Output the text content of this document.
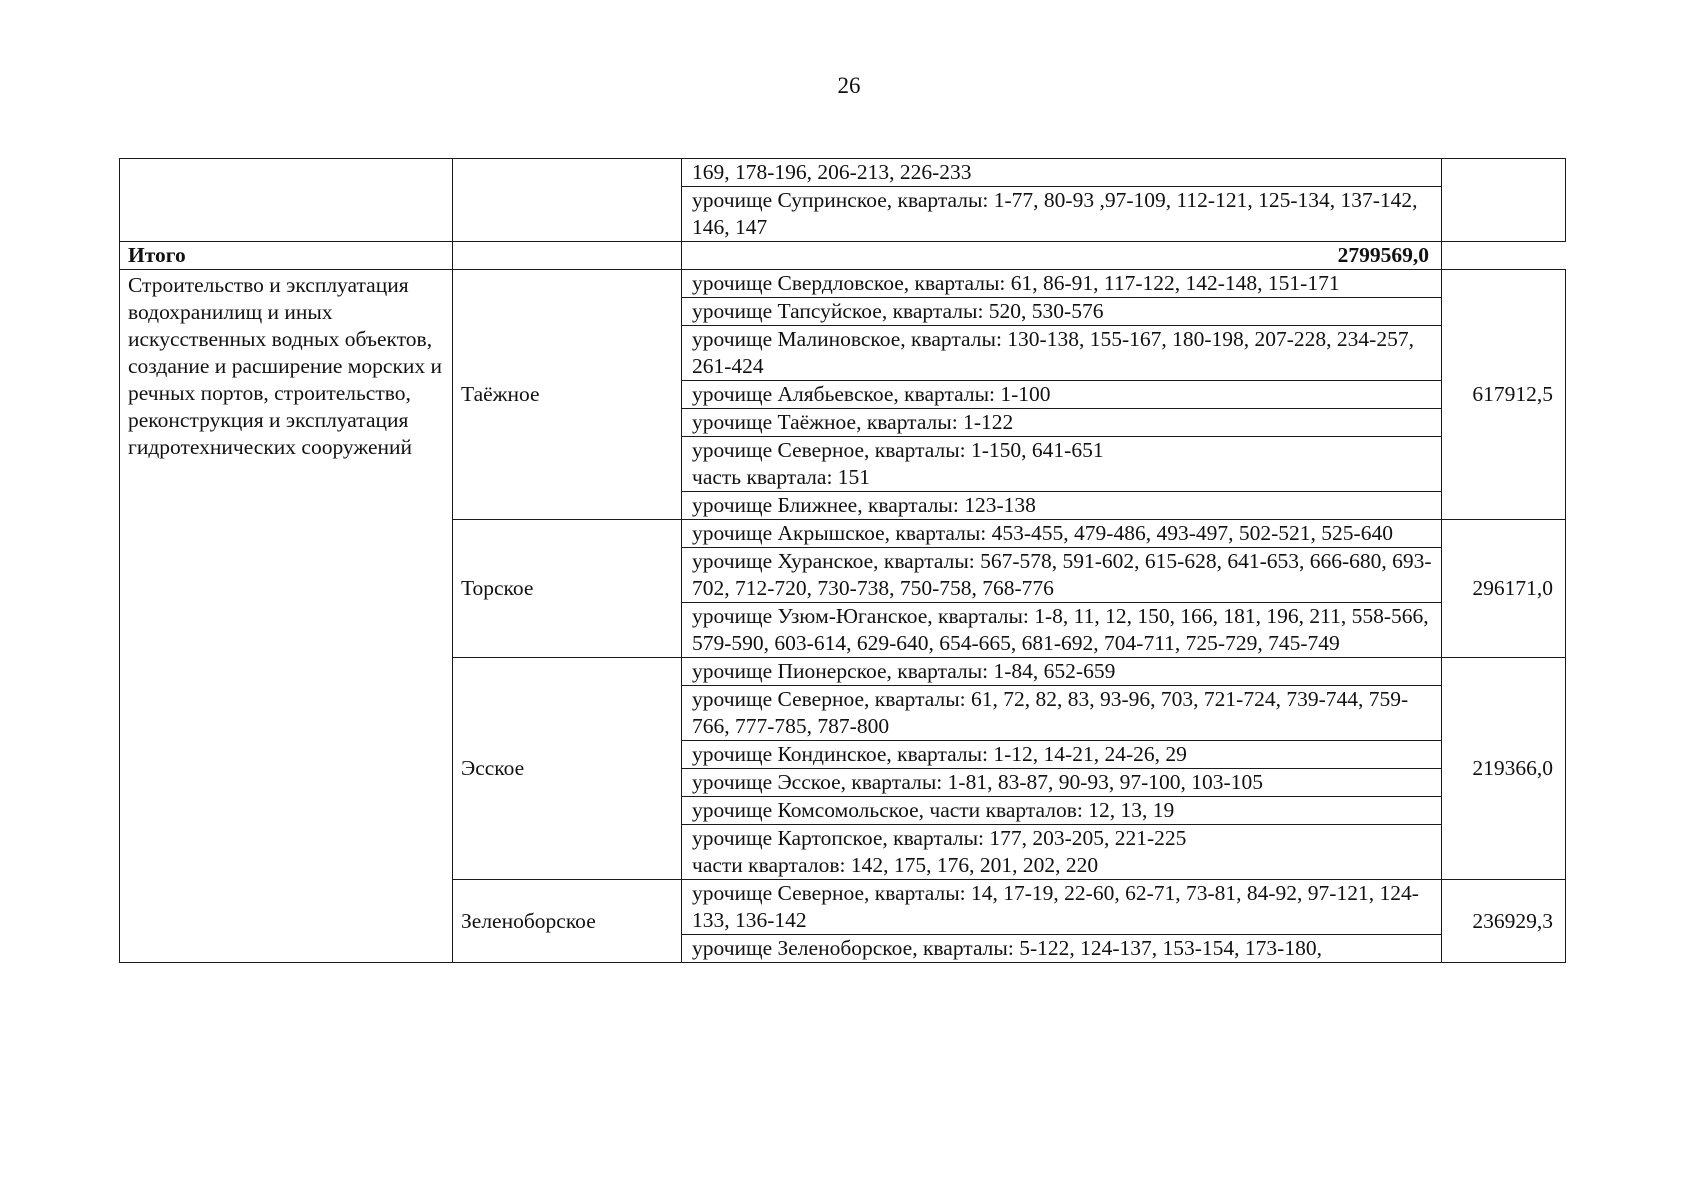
26
		169, 178-196, 206-213, 226-233	
		урочище Супринское, кварталы: 1-77, 80-93 ,97-109, 112-121, 125-134, 137-142, 146, 147	
Итого		2799569,0	
Строительство и эксплуатация водохранилищ и иных искусственных водных объектов, создание и расширение морских и речных портов, строительство, реконструкция и эксплуатация гидротехнических сооружений	Таёжное	урочище Свердловское, кварталы: 61, 86-91, 117-122, 142-148, 151-171	617912,5
		урочище Тапсуйское, кварталы: 520, 530-576	
		урочище Малиновское, кварталы: 130-138, 155-167, 180-198, 207-228, 234-257, 261-424	
		урочище Алябьевское, кварталы: 1-100	
		урочище Таёжное, кварталы: 1-122	
		урочище Северное, кварталы: 1-150, 641-651
часть квартала: 151	
		урочище Ближнее, кварталы: 123-138	
	Торское	урочище Акрышское, кварталы: 453-455, 479-486, 493-497, 502-521, 525-640	296171,0
		урочище Хуранское, кварталы: 567-578, 591-602, 615-628, 641-653, 666-680, 693-702, 712-720, 730-738, 750-758, 768-776	
		урочище Узюм-Юганское, кварталы: 1-8, 11, 12, 150, 166, 181, 196, 211, 558-566, 579-590, 603-614, 629-640, 654-665, 681-692, 704-711, 725-729, 745-749	
	Эсское	урочище Пионерское, кварталы: 1-84, 652-659	219366,0
		урочище Северное, кварталы: 61, 72, 82, 83, 93-96, 703, 721-724, 739-744, 759-766, 777-785, 787-800	
		урочище Кондинское, кварталы: 1-12, 14-21, 24-26, 29	
		урочище Эсское, кварталы: 1-81, 83-87, 90-93, 97-100, 103-105	
		урочище Комсомольское, части кварталов: 12, 13, 19	
		урочище Картопское, кварталы: 177, 203-205, 221-225
части кварталов: 142, 175, 176, 201, 202, 220	
	Зеленоборское	урочище Северное, кварталы: 14, 17-19, 22-60, 62-71, 73-81, 84-92, 97-121, 124-133, 136-142	236929,3
		урочище Зеленоборское, кварталы: 5-122, 124-137, 153-154, 173-180,	
